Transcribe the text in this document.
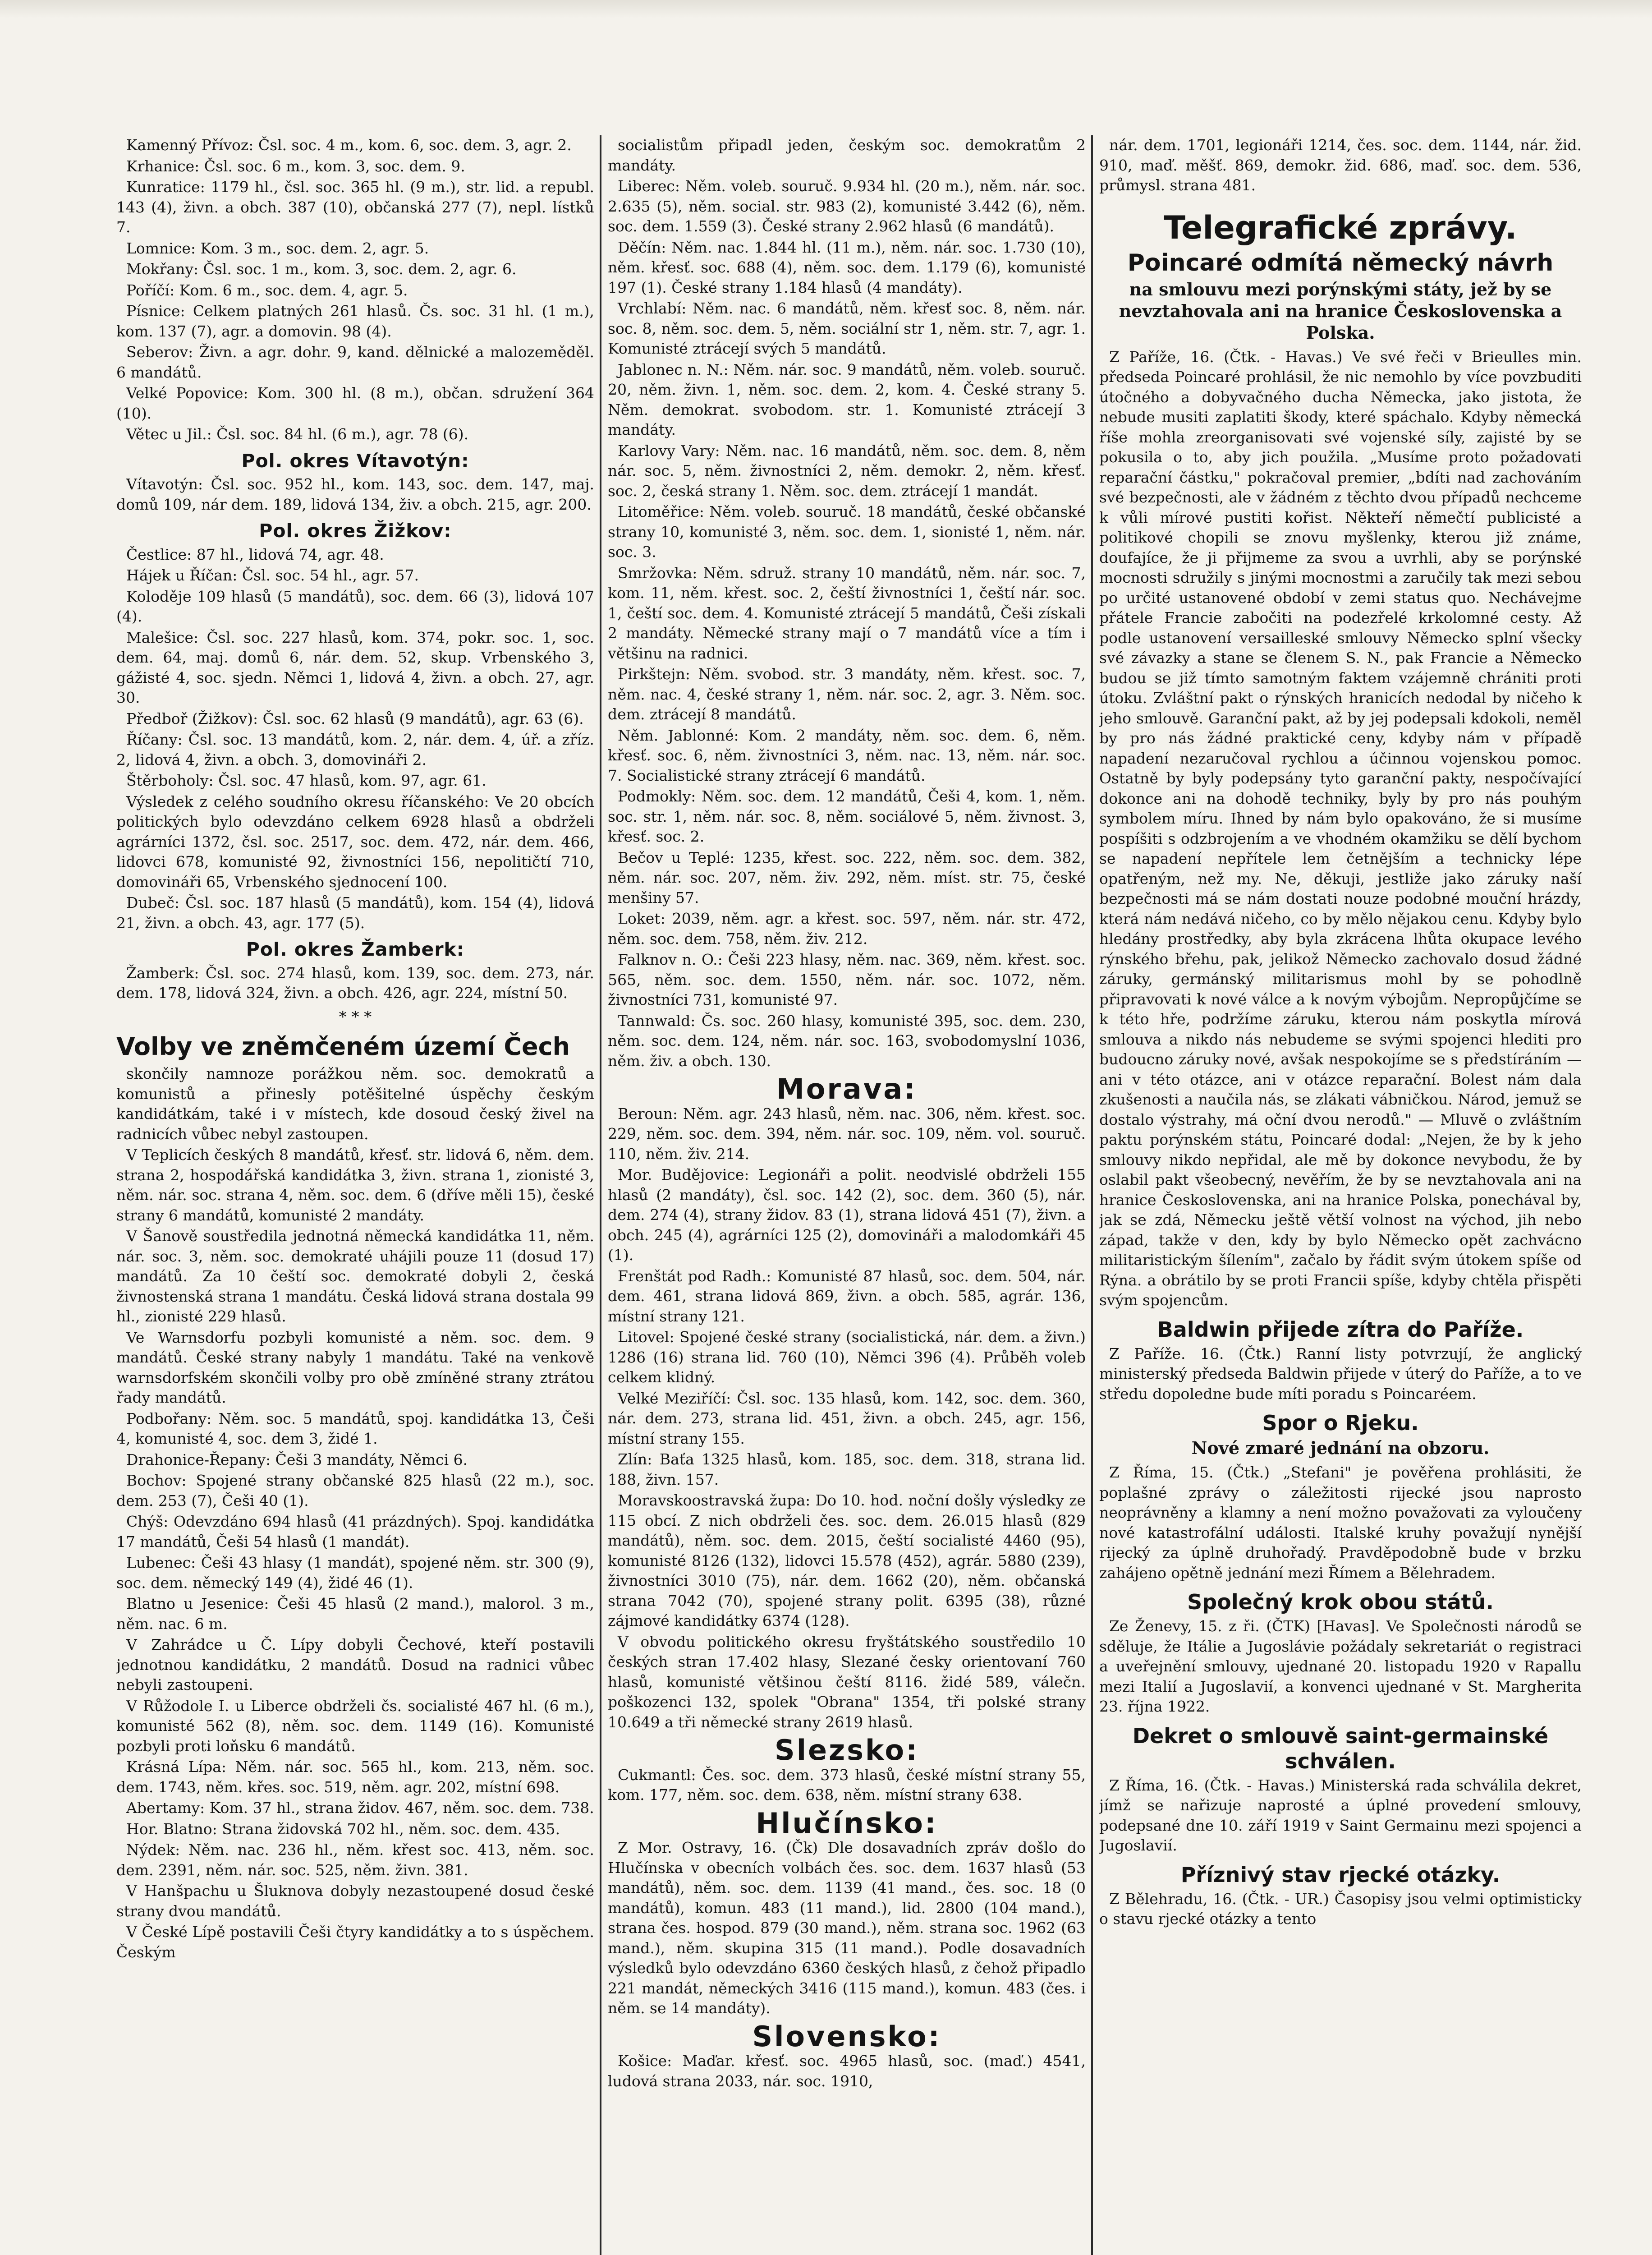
Kamenný Přívoz: Čsl. soc. 4 m., kom. 6, soc. dem. 3, agr. 2.

Krhanice: Čsl. soc. 6 m., kom. 3, soc. dem. 9.

Kunratice: 1179 hl., čsl. soc. 365 hl. (9 m.), str. lid. a republ. 143 (4), živn. a obch. 387 (10), občanská 277 (7), nepl. lístků 7.

Lomnice: Kom. 3 m., soc. dem. 2, agr. 5.

Mokřany: Čsl. soc. 1 m., kom. 3, soc. dem. 2, agr. 6.

Poříčí: Kom. 6 m., soc. dem. 4, agr. 5.

Písnice: Celkem platných 261 hlasů. Čs. soc. 31 hl. (1 m.), kom. 137 (7), agr. a domovin. 98 (4).

Seberov: Živn. a agr. dohr. 9, kand. dělnické a malozeměděl. 6 mandátů.

Velké Popovice: Kom. 300 hl. (8 m.), občan. sdružení 364 (10).

Větec u Jil.: Čsl. soc. 84 hl. (6 m.), agr. 78 (6).

Pol. okres Vítavotýn:

Vítavotýn: Čsl. soc. 952 hl., kom. 143, soc. dem. 147, maj. domů 109, nár dem. 189, lidová 134, živ. a obch. 215, agr. 200.

Pol. okres Žižkov:

Čestlice: 87 hl., lidová 74, agr. 48.

Hájek u Říčan: Čsl. soc. 54 hl., agr. 57.

Koloděje 109 hlasů (5 mandátů), soc. dem. 66 (3), lidová 107 (4).

Malešice: Čsl. soc. 227 hlasů, kom. 374, pokr. soc. 1, soc. dem. 64, maj. domů 6, nár. dem. 52, skup. Vrbenského 3, gážisté 4, soc. sjedn. Němci 1, lidová 4, živn. a obch. 27, agr. 30.

Předboř (Žižkov): Čsl. soc. 62 hlasů (9 mandátů), agr. 63 (6).

Říčany: Čsl. soc. 13 mandátů, kom. 2, nár. dem. 4, úř. a zříz. 2, lidová 4, živn. a obch. 3, domovináři 2.

Štěrboholy: Čsl. soc. 47 hlasů, kom. 97, agr. 61.

Výsledek z celého soudního okresu říčanského: Ve 20 obcích politických bylo odevzdáno celkem 6928 hlasů a obdrželi agrárníci 1372, čsl. soc. 2517, soc. dem. 472, nár. dem. 466, lidovci 678, komunisté 92, živnostníci 156, nepolitičtí 710, domovináři 65, Vrbenského sjednocení 100.

Dubeč: Čsl. soc. 187 hlasů (5 mandátů), kom. 154 (4), lidová 21, živn. a obch. 43, agr. 177 (5).

Pol. okres Žamberk:

Žamberk: Čsl. soc. 274 hlasů, kom. 139, soc. dem. 273, nár. dem. 178, lidová 324, živn. a obch. 426, agr. 224, místní 50.

* * *
Volby ve zněmčeném území Čech

skončily namnoze porážkou něm. soc. demokratů a komunistů a přinesly potěšitelné úspěchy českým kandidátkám, také i v místech, kde dosoud český živel na radnicích vůbec nebyl zastoupen.

V Teplicích českých 8 mandátů, křesť. str. lidová 6, něm. dem. strana 2, hospodářská kandidátka 3, živn. strana 1, zionisté 3, něm. nár. soc. strana 4, něm. soc. dem. 6 (dříve měli 15), české strany 6 mandátů, komunisté 2 mandáty.

V Šanově soustředila jednotná německá kandidátka 11, něm. nár. soc. 3, něm. soc. demokraté uhájili pouze 11 (dosud 17) mandátů. Za 10 čeští soc. demokraté dobyli 2, česká živnostenská strana 1 mandátu. Česká lidová strana dostala 99 hl., zionisté 229 hlasů.

Ve Warnsdorfu pozbyli komunisté a něm. soc. dem. 9 mandátů. České strany nabyly 1 mandátu. Také na venkově warnsdorfském skončili volby pro obě zmíněné strany ztrátou řady mandátů.

Podbořany: Něm. soc. 5 mandátů, spoj. kandidátka 13, Češi 4, komunisté 4, soc. dem 3, židé 1.

Drahonice-Řepany: Češi 3 mandáty, Němci 6.

Bochov: Spojené strany občanské 825 hlasů (22 m.), soc. dem. 253 (7), Češi 40 (1).

Chýš: Odevzdáno 694 hlasů (41 prázdných). Spoj. kandidátka 17 mandátů, Češi 54 hlasů (1 mandát).

Lubenec: Češi 43 hlasy (1 mandát), spojené něm. str. 300 (9), soc. dem. německý 149 (4), židé 46 (1).

Blatno u Jesenice: Češi 45 hlasů (2 mand.), malorol. 3 m., něm. nac. 6 m.

V Zahrádce u Č. Lípy dobyli Čechové, kteří postavili jednotnou kandidátku, 2 mandátů. Dosud na radnici vůbec nebyli zastoupeni.

V Růžodole I. u Liberce obdrželi čs. socialisté 467 hl. (6 m.), komunisté 562 (8), něm. soc. dem. 1149 (16). Komunisté pozbyli proti loňsku 6 mandátů.

Krásná Lípa: Něm. nár. soc. 565 hl., kom. 213, něm. soc. dem. 1743, něm. křes. soc. 519, něm. agr. 202, místní 698.

Abertamy: Kom. 37 hl., strana židov. 467, něm. soc. dem. 738.

Hor. Blatno: Strana židovská 702 hl., něm. soc. dem. 435.

Nýdek: Něm. nac. 236 hl., něm. křest soc. 413, něm. soc. dem. 2391, něm. nár. soc. 525, něm. živn. 381.

V Hanšpachu u Šluknova dobyly nezastoupené dosud české strany dvou mandátů.

V České Lípě postavili Češi čtyry kandidátky a to s úspěchem. Českým

socialistům připadl jeden, českým soc. demokratům 2 mandáty.

Liberec: Něm. voleb. souruč. 9.934 hl. (20 m.), něm. nár. soc. 2.635 (5), něm. social. str. 983 (2), komunisté 3.442 (6), něm. soc. dem. 1.559 (3). České strany 2.962 hlasů (6 mandátů).

Děčín: Něm. nac. 1.844 hl. (11 m.), něm. nár. soc. 1.730 (10), něm. křesť. soc. 688 (4), něm. soc. dem. 1.179 (6), komunisté 197 (1). České strany 1.184 hlasů (4 mandáty).

Vrchlabí: Něm. nac. 6 mandátů, něm. křesť soc. 8, něm. nár. soc. 8, něm. soc. dem. 5, něm. sociální str 1, něm. str. 7, agr. 1. Komunisté ztrácejí svých 5 mandátů.

Jablonec n. N.: Něm. nár. soc. 9 mandátů, něm. voleb. souruč. 20, něm. živn. 1, něm. soc. dem. 2, kom. 4. České strany 5. Něm. demokrat. svobodom. str. 1. Komunisté ztrácejí 3 mandáty.

Karlovy Vary: Něm. nac. 16 mandátů, něm. soc. dem. 8, něm nár. soc. 5, něm. živnostníci 2, něm. demokr. 2, něm. křesť. soc. 2, česká strany 1. Něm. soc. dem. ztrácejí 1 mandát.

Litoměřice: Něm. voleb. souruč. 18 mandátů, české občanské strany 10, komunisté 3, něm. soc. dem. 1, sionisté 1, něm. nár. soc. 3.

Smržovka: Něm. sdruž. strany 10 mandátů, něm. nár. soc. 7, kom. 11, něm. křest. soc. 2, čeští živnostníci 1, čeští nár. soc. 1, čeští soc. dem. 4. Komunisté ztrácejí 5 mandátů, Češi získali 2 mandáty. Německé strany mají o 7 mandátů více a tím i většinu na radnici.

Pirkštejn: Něm. svobod. str. 3 mandáty, něm. křest. soc. 7, něm. nac. 4, české strany 1, něm. nár. soc. 2, agr. 3. Něm. soc. dem. ztrácejí 8 mandátů.

Něm. Jablonné: Kom. 2 mandáty, něm. soc. dem. 6, něm. křesť. soc. 6, něm. živnostníci 3, něm. nac. 13, něm. nár. soc. 7. Socialistické strany ztrácejí 6 mandátů.

Podmokly: Něm. soc. dem. 12 mandátů, Češi 4, kom. 1, něm. soc. str. 1, něm. nár. soc. 8, něm. sociálové 5, něm. živnost. 3, křesť. soc. 2.

Bečov u Teplé: 1235, křest. soc. 222, něm. soc. dem. 382, něm. nár. soc. 207, něm. živ. 292, něm. míst. str. 75, české menšiny 57.

Loket: 2039, něm. agr. a křest. soc. 597, něm. nár. str. 472, něm. soc. dem. 758, něm. živ. 212.

Falknov n. O.: Češi 223 hlasy, něm. nac. 369, něm. křest. soc. 565, něm. soc. dem. 1550, něm. nár. soc. 1072, něm. živnostníci 731, komunisté 97.

Tannwald: Čs. soc. 260 hlasy, komunisté 395, soc. dem. 230, něm. soc. dem. 124, něm. nár. soc. 163, svobodomyslní 1036, něm. živ. a obch. 130.

Morava:

Beroun: Něm. agr. 243 hlasů, něm. nac. 306, něm. křest. soc. 229, něm. soc. dem. 394, něm. nár. soc. 109, něm. vol. souruč. 110, něm. živ. 214.

Mor. Budějovice: Legionáři a polit. neodvislé obdrželi 155 hlasů (2 mandáty), čsl. soc. 142 (2), soc. dem. 360 (5), nár. dem. 274 (4), strany židov. 83 (1), strana lidová 451 (7), živn. a obch. 245 (4), agrárníci 125 (2), domovináři a malodomkáři 45 (1).

Frenštát pod Radh.: Komunisté 87 hlasů, soc. dem. 504, nár. dem. 461, strana lidová 869, živn. a obch. 585, agrár. 136, místní strany 121.

Litovel: Spojené české strany (socialistická, nár. dem. a živn.) 1286 (16) strana lid. 760 (10), Němci 396 (4). Průběh voleb celkem klidný.

Velké Meziříčí: Čsl. soc. 135 hlasů, kom. 142, soc. dem. 360, nár. dem. 273, strana lid. 451, živn. a obch. 245, agr. 156, místní strany 155.

Zlín: Baťa 1325 hlasů, kom. 185, soc. dem. 318, strana lid. 188, živn. 157.

Moravskoostravská župa: Do 10. hod. noční došly výsledky ze 115 obcí. Z nich obdrželi čes. soc. dem. 26.015 hlasů (829 mandátů), něm. soc. dem. 2015, čeští socialisté 4460 (95), komunisté 8126 (132), lidovci 15.578 (452), agrár. 5880 (239), živnostníci 3010 (75), nár. dem. 1662 (20), něm. občanská strana 7042 (70), spojené strany polit. 6395 (38), různé zájmové kandidátky 6374 (128).

V obvodu politického okresu fryštátského soustředilo 10 českých stran 17.402 hlasy, Slezané česky orientovaní 760 hlasů, komunisté většinou čeští 8116. židé 589, válečn. poškozenci 132, spolek "Obrana" 1354, tři polské strany 10.649 a tři německé strany 2619 hlasů.

Slezsko:

Cukmantl: Čes. soc. dem. 373 hlasů, české místní strany 55, kom. 177, něm. soc. dem. 638, něm. místní strany 638.

Hlučínsko:

Z Mor. Ostravy, 16. (Čk) Dle dosavadních zpráv došlo do Hlučínska v obecních volbách čes. soc. dem. 1637 hlasů (53 mandátů), něm. soc. dem. 1139 (41 mand., čes. soc. 18 (0 mandátů), komun. 483 (11 mand.), lid. 2800 (104 mand.), strana čes. hospod. 879 (30 mand.), něm. strana soc. 1962 (63 mand.), něm. skupina 315 (11 mand.). Podle dosavadních výsledků bylo odevzdáno 6360 českých hlasů, z čehož připadlo 221 mandát, německých 3416 (115 mand.), komun. 483 (čes. i něm. se 14 mandáty).

Slovensko:

Košice: Maďar. křesť. soc. 4965 hlasů, soc. (maď.) 4541, ludová strana 2033, nár. soc. 1910,

nár. dem. 1701, legionáři 1214, čes. soc. dem. 1144, nár. žid. 910, maď. měšť. 869, demokr. žid. 686, maď. soc. dem. 536, průmysl. strana 481.

Telegrafické zprávy.
Poincaré odmítá německý návrh
na smlouvu mezi porýnskými státy, jež by se nevztahovala ani na hranice Československa a Polska.

Z Paříže, 16. (Čtk. - Havas.) Ve své řeči v Brieulles min. předseda Poincaré prohlásil, že nic nemohlo by více povzbuditi útočného a dobyvačného ducha Německa, jako jistota, že nebude musiti zaplatiti škody, které spáchalo. Kdyby německá říše mohla zreorganisovati své vojenské síly, zajisté by se pokusila o to, aby jich použila. „Musíme proto požadovati reparační částku," pokračoval premier, „bdíti nad zachováním své bezpečnosti, ale v žádném z těchto dvou případů nechceme k vůli mírové pustiti kořist. Někteří němečtí publicisté a politikové chopili se znovu myšlenky, kterou již známe, doufajíce, že ji přijmeme za svou a uvrhli, aby se porýnské mocnosti sdružily s jinými mocnostmi a zaručily tak mezi sebou po určité ustanovené období v zemi status quo. Nechávejme přátele Francie zabočiti na podezřelé krkolomné cesty. Až podle ustanovení versailleské smlouvy Německo splní všecky své závazky a stane se členem S. N., pak Francie a Německo budou se již tímto samotným faktem vzájemně chrániti proti útoku. Zvláštní pakt o rýnských hranicích nedodal by ničeho k jeho smlouvě. Garanční pakt, až by jej podepsali kdokoli, neměl by pro nás žádné praktické ceny, kdyby nám v případě napadení nezaručoval rychlou a účinnou vojenskou pomoc. Ostatně by byly podepsány tyto garanční pakty, nespočívající dokonce ani na dohodě techniky, byly by pro nás pouhým symbolem míru. Ihned by nám bylo opakováno, že si musíme pospíšiti s odzbrojením a ve vhodném okamžiku se dělí bychom se napadení nepřítele lem četnějším a technicky lépe opatřeným, než my. Ne, děkuji, jestliže jako záruky naší bezpečnosti má se nám dostati nouze podobné mouční hrázdy, která nám nedává ničeho, co by mělo nějakou cenu. Kdyby bylo hledány prostředky, aby byla zkrácena lhůta okupace levého rýnského břehu, pak, jelikož Německo zachovalo dosud žádné záruky, germánský militarismus mohl by se pohodlně připravovati k nové válce a k novým výbojům. Nepropůjčíme se k této hře, podržíme záruku, kterou nám poskytla mírová smlouva a nikdo nás nebudeme se svými spojenci hlediti pro budoucno záruky nové, avšak nespokojíme se s předstíráním — ani v této otázce, ani v otázce reparační. Bolest nám dala zkušenosti a naučila nás, se zlákati vábničkou. Národ, jemuž se dostalo výstrahy, má oční dvou nerodů." — Mluvě o zvláštním paktu porýnském státu, Poincaré dodal: „Nejen, že by k jeho smlouvy nikdo nepřidal, ale mě by dokonce nevybodu, že by oslabil pakt všeobecný, nevěřím, že by se nevztahovala ani na hranice Československa, ani na hranice Polska, ponechával by, jak se zdá, Německu ještě větší volnost na východ, jih nebo západ, takže v den, kdy by bylo Německo opět zachvácno militaristickým šílením", začalo by řádit svým útokem spíše od Rýna. a obrátilo by se proti Francii spíše, kdyby chtěla přispěti svým spojencům.

Baldwin přijede zítra do Paříže.

Z Paříže. 16. (Čtk.) Ranní listy potvrzují, že anglický ministerský předseda Baldwin přijede v úterý do Paříže, a to ve středu dopoledne bude míti poradu s Poincaréem.

Spor o Rjeku.
Nové zmaré jednání na obzoru.

Z Říma, 15. (Čtk.) „Stefani" je pověřena prohlásiti, že poplašné zprávy o záležitosti rijecké jsou naprosto neoprávněny a klamny a není možno považovati za vyloučeny nové katastrofální události. Italské kruhy považují nynější rijecký za úplně druhořadý. Pravděpodobně bude v brzku zahájeno opětně jednání mezi Římem a Bělehradem.

Společný krok obou států.

Ze Ženevy, 15. z ři. (ČTK) [Havas]. Ve Společnosti národů se sděluje, že Itálie a Jugoslávie požádaly sekretariát o registraci a uveřejnění smlouvy, ujednané 20. listopadu 1920 v Rapallu mezi Italií a Jugoslavií, a konvenci ujednané v St. Margherita 23. října 1922.

Dekret o smlouvě saint-germainské schválen.

Z Říma, 16. (Čtk. - Havas.) Ministerská rada schválila dekret, jímž se nařizuje naprosté a úplné provedení smlouvy, podepsané dne 10. září 1919 v Saint Germainu mezi spojenci a Jugoslavií.

Příznivý stav rjecké otázky.

Z Bělehradu, 16. (Čtk. - UR.) Časopisy jsou velmi optimisticky o stavu rjecké otázky a tento
